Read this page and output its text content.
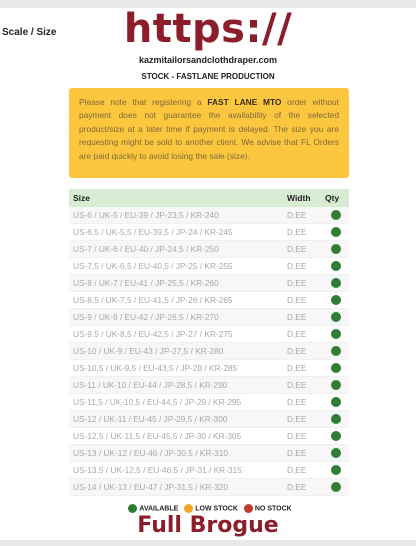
Scale / Size	https://
kazmitailorsandclothdraper.com
STOCK - FASTLANE PRODUCTION
Please note that registering a FAST LANE MTO order without payment does not guarantee the availability of the selected product/size at a later time if payment is delayed. The size you are requesting might be sold to another client. We advise that FL Orders are paid quickly to avoid losing the sale (size).
Size	Width	Qty
US-6 / UK-5 / EU-39 / JP-23,5 / KR-240	D,EE	
US-6,5 / UK-5,5 / EU-39,5 / JP-24 / KR-245	D,EE	
US-7 / UK-6 / EU-40 / JP-24,5 / KR-250	D,EE	
US-7,5 / UK-6,5 / EU-40,5 / JP-25 / KR-255	D,EE	
US-8 / UK-7 / EU-41 / JP-25,5 / KR-260	D,EE	
US-8,5 / UK-7,5 / EU-41,5 / JP-26 / KR-265	D,EE	
US-9 / UK-8 / EU-42 / JP-26,5 / KR-270	D,EE	
US-9,5 / UK-8,5 / EU-42,5 / JP-27 / KR-275	D,EE	
US-10 / UK-9 / EU-43 / JP-27,5 / KR-280	D,EE	
US-10,5 / UK-9,5 / EU-43,5 / JP-28 / KR-285	D,EE	
US-11 / UK-10 / EU-44 / JP-28,5 / KR-290	D,EE	
US-11,5 / UK-10,5 / EU-44,5 / JP-29 / KR-295	D,EE	
US-12 / UK-11 / EU-45 / JP-29,5 / KR-300	D,EE	
US-12,5 / UK-11,5 / EU-45,5 / JP-30 / KR-305	D,EE	
US-13 / UK-12 / EU-46 / JP-30,5 / KR-310	D,EE	
US-13,5 / UK-12,5 / EU-46,5 / JP-31 / KR-315	D,EE	
US-14 / UK-13 / EU-47 / JP-31,5 / KR-320	D,EE	
AVAILABLE LOW STOCK NO STOCK
Full Brogue
